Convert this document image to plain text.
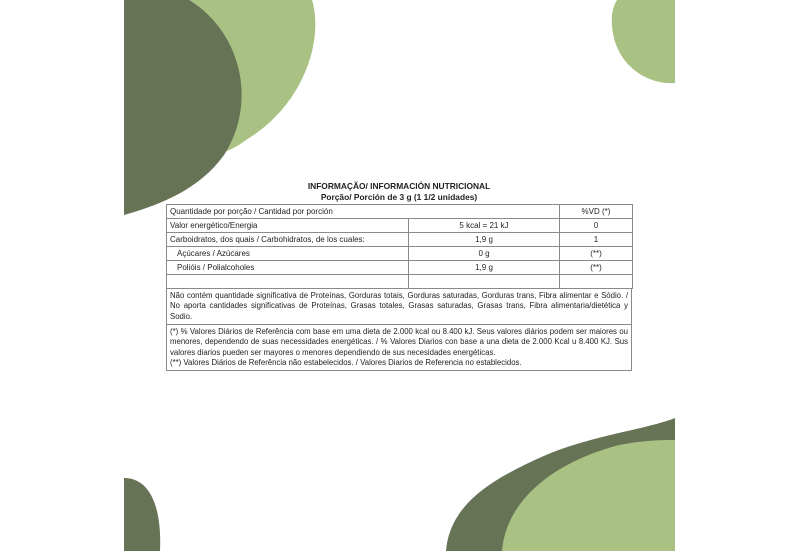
INFORMAÇÃO/ INFORMACIÓN NUTRICIONAL
Porção/ Porción de 3 g (1 1/2 unidades)
Quantidade por porção / Cantidad por porción		%VD (*)
Valor energético/Energia	5 kcal = 21 kJ	0
Carboidratos, dos quais / Carbohidratos, de los cuales:	1,9 g	1
Açúcares / Azúcares	0 g	(**)
Polióis / Polialcoholes	1,9 g	(**)

Não contém quantidade significativa de Proteínas, Gorduras totais, Gorduras saturadas, Gorduras trans, Fibra alimentar e Sódio. / No aporta cantidades significativas de Proteínas, Grasas totales, Grasas saturadas, Grasas trans, Fibra alimentaria/dietética y Sodio.
(*) % Valores Diários de Referência com base em uma dieta de 2.000 kcal ou 8.400 kJ. Seus valores diários podem ser maiores ou menores, dependendo de suas necessidades energéticas. / % Valores Diarios con base a una dieta de 2.000 Kcal u 8.400 KJ. Sus valores diarios pueden ser mayores o menores dependiendo de sus necesidades energéticas.
(**) Valores Diários de Referência não estabelecidos. / Valores Diarios de Referencia no establecidos.
